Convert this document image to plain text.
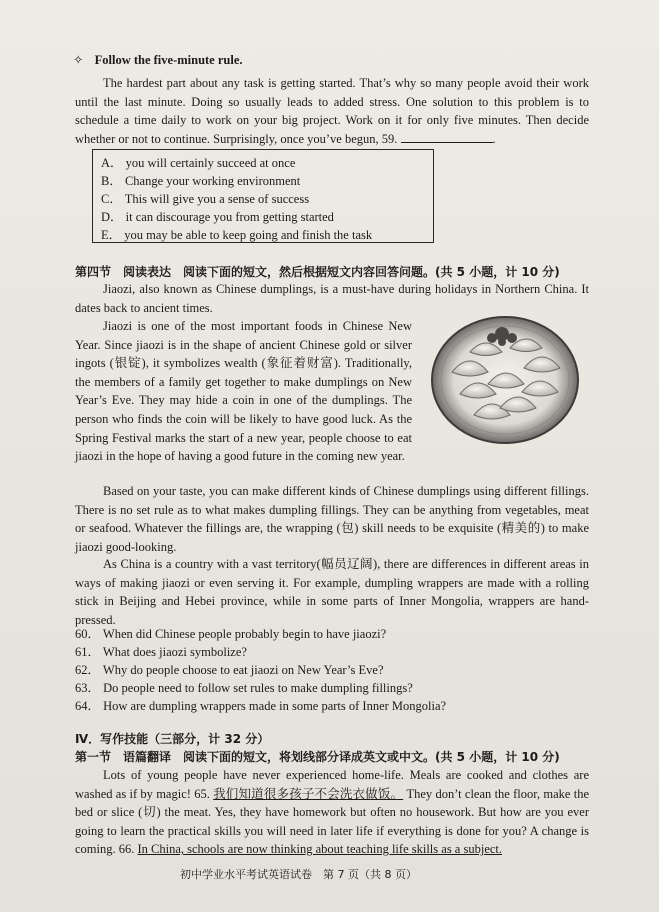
✧ Follow the five-minute rule.
The hardest part about any task is getting started. That’s why so many people avoid their work until the last minute. Doing so usually leads to added stress. One solution to this problem is to schedule a time daily to work on your big project. Work on it for only five minutes. Then decide whether or not to continue. Surprisingly, once you’ve begun, 59.	.
A． you will certainly succeed at once
B． Change your working environment
C． This will give you a sense of success
D． it can discourage you from getting started
E． you may be able to keep going and finish the task
第四节　阅读表达　阅读下面的短文，然后根据短文内容回答问题。(共 5 小题，计 10 分)
Jiaozi, also known as Chinese dumplings, is a must-have during holidays in Northern China. It dates back to ancient times.
Jiaozi is one of the most important foods in Chinese New Year. Since jiaozi is in the shape of ancient Chinese gold or silver ingots (银锭), it symbolizes wealth (象征着财富). Traditionally, the members of a family get together to make dumplings on New Year’s Eve. They may hide a coin in one of the dumplings. The person who finds the coin will be likely to have good luck. As the Spring Festival marks the start of a new year, people choose to eat jiaozi in the hope of having a good future in the coming new year.
Based on your taste, you can make different kinds of Chinese dumplings using different fillings. There is no set rule as to what makes dumpling fillings. They can be anything from vegetables, meat or seafood. Whatever the fillings are, the wrapping (包) skill needs to be exquisite (精美的) to make jiaozi good-looking.
As China is a country with a vast territory(幅员辽阔), there are differences in different areas in ways of making jiaozi or even serving it. For example, dumpling wrappers are made with a rolling stick in Beijing and Hebei province, while in some parts of Inner Mongolia, wrappers are hand-pressed.
60． When did Chinese people probably begin to have jiaozi?
61． What does jiaozi symbolize?
62． Why do people choose to eat jiaozi on New Year’s Eve?
63． Do people need to follow set rules to make dumpling fillings?
64． How are dumpling wrappers made in some parts of Inner Mongolia?
Ⅳ．写作技能（三部分，计 32 分）
第一节　语篇翻译　阅读下面的短文，将划线部分译成英文或中文。(共 5 小题，计 10 分)
Lots of young people have never experienced home-life. Meals are cooked and clothes are washed as if by magic! 65. 我们知道很多孩子不会洗衣做饭。 They don’t clean the floor, make the bed or slice (切) the meat. Yes, they have homework but often no housework. But how are you ever going to learn the practical skills you will need in later life if everything is done for you? A change is coming. 66. In China, schools are now thinking about teaching life skills as a subject.
初中学业水平考试英语试卷　第 7 页（共 8 页）
